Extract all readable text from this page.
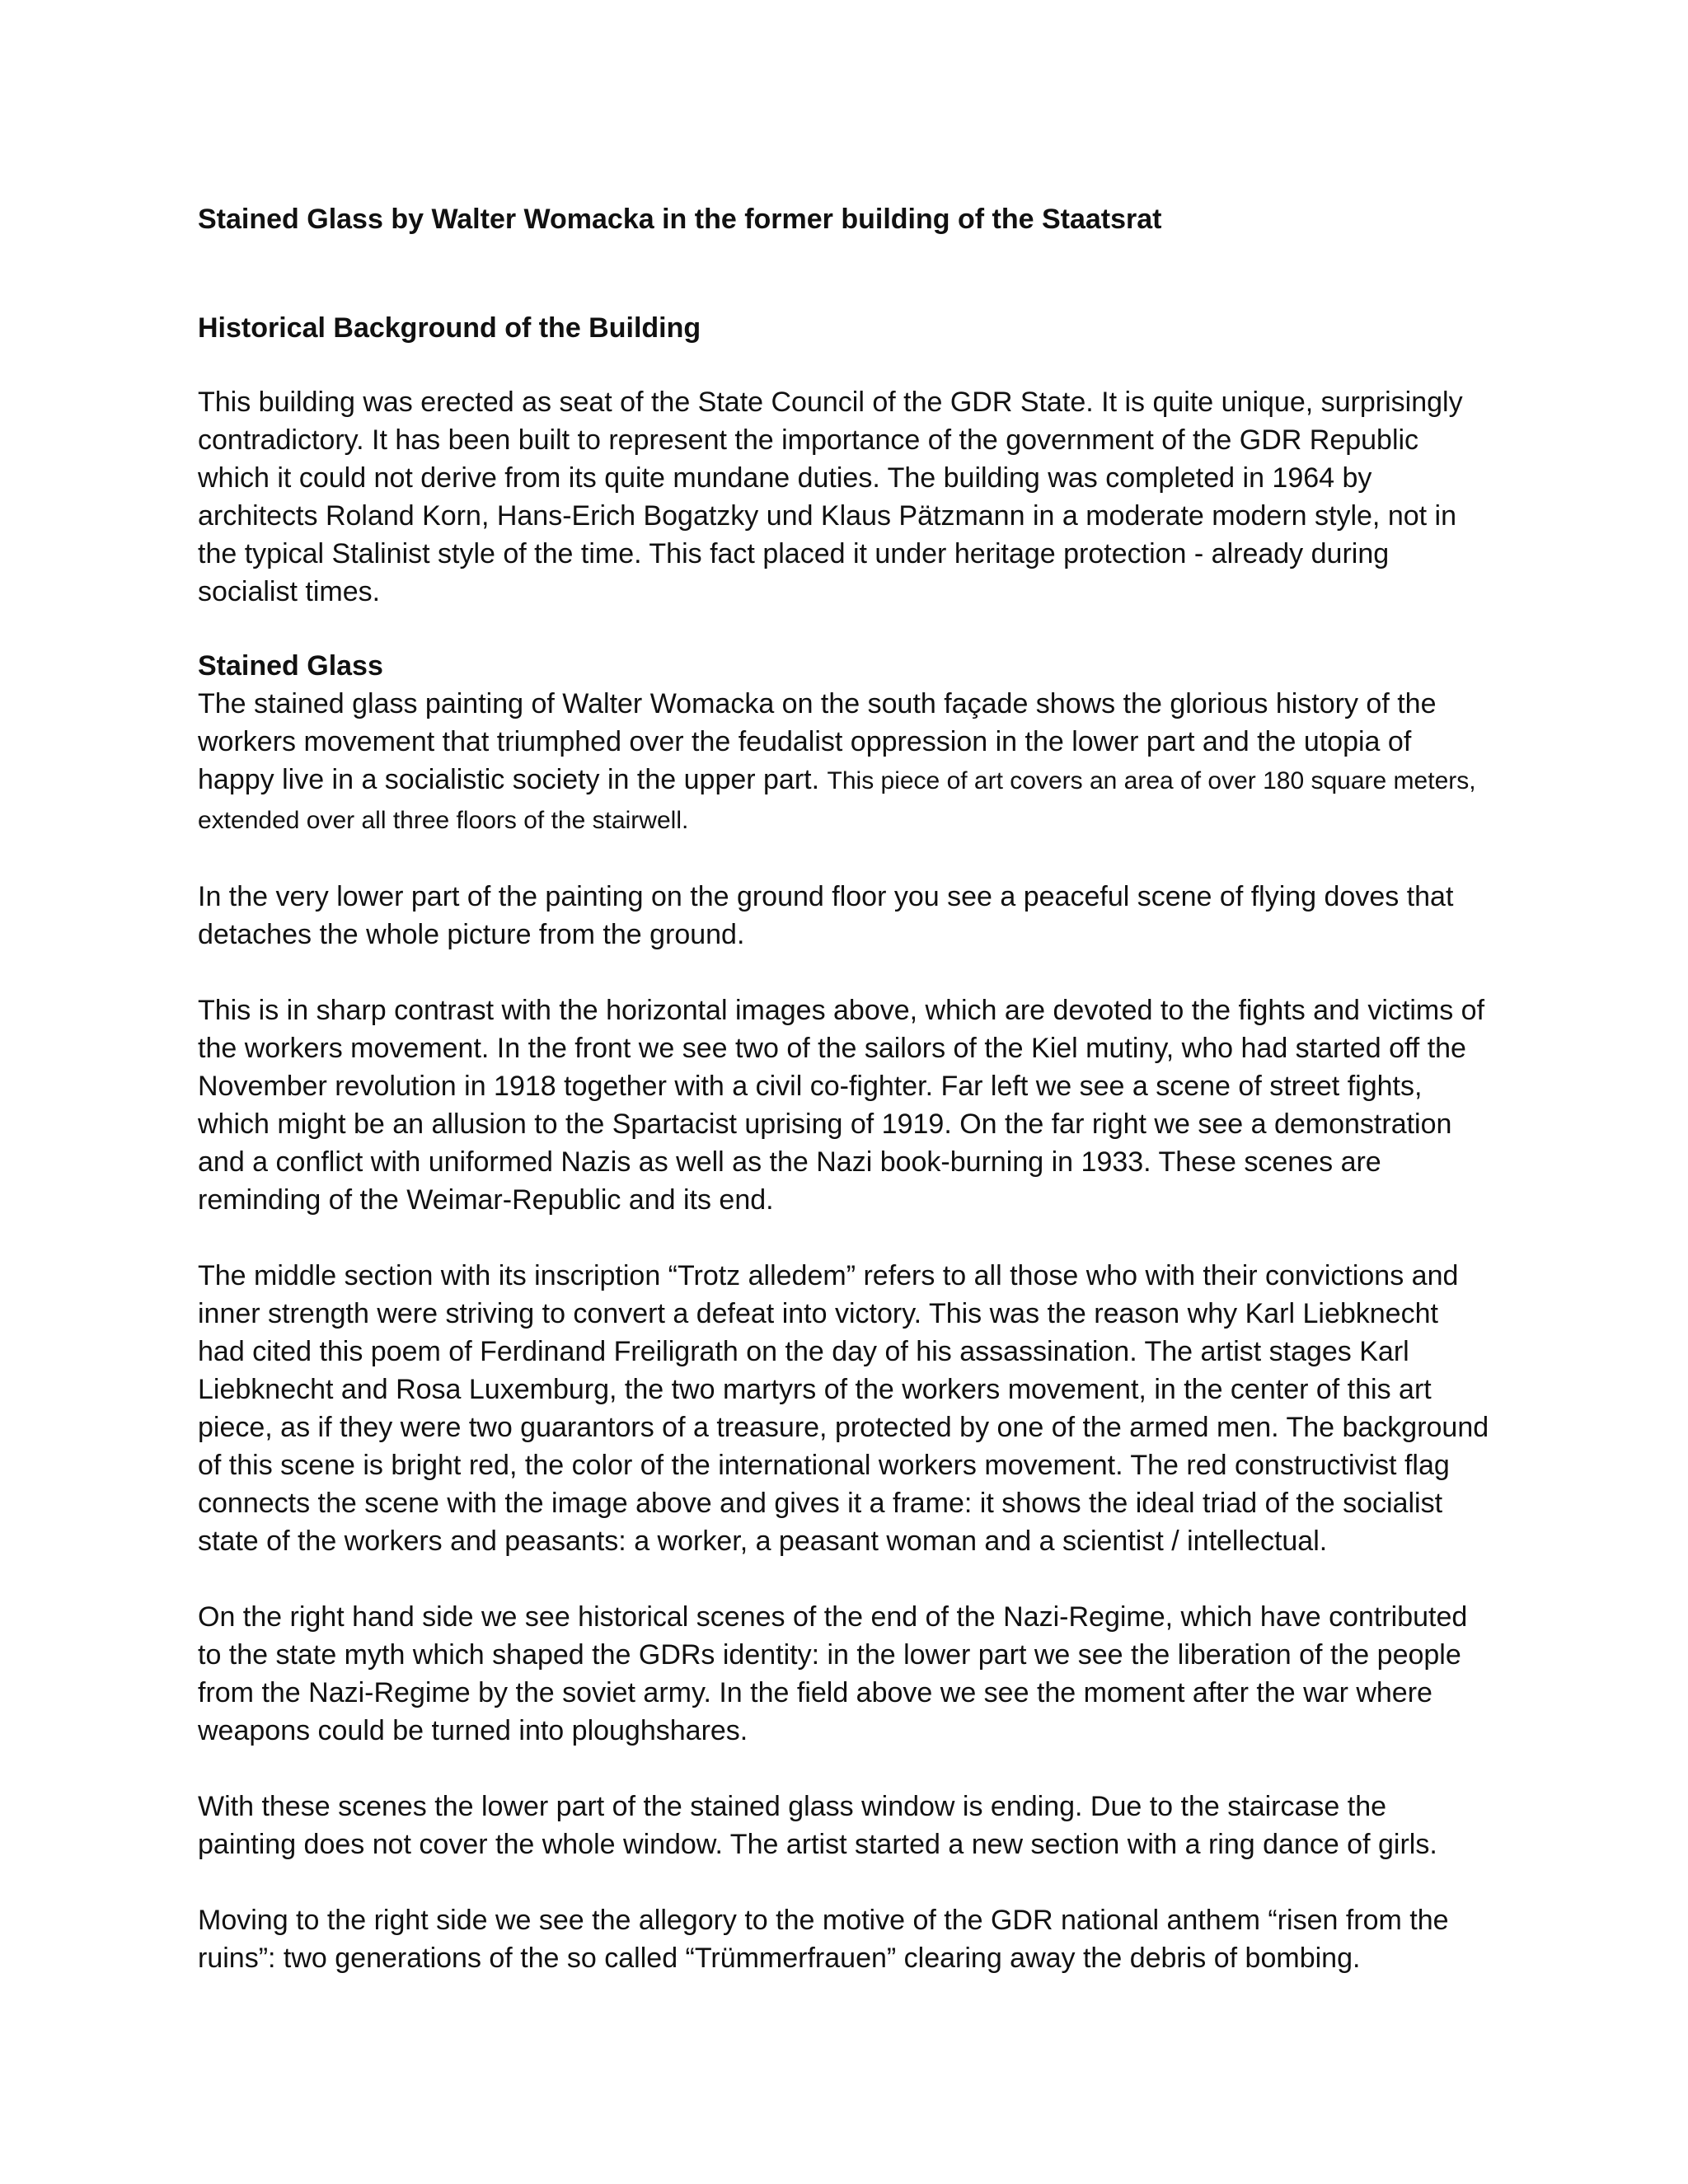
Stained Glass by Walter Womacka in the former building of the Staatsrat
Historical Background of the Building

This building was erected as seat of the State Council of the GDR State. It is quite unique, surprisingly contradictory. It has been built to represent the importance of the government of the GDR Republic which it could not derive from its quite mundane duties. The building was completed in 1964 by architects Roland Korn, Hans-Erich Bogatzky und Klaus Pätzmann in a moderate modern style, not in the typical Stalinist style of the time. This fact placed it under heritage protection - already during socialist times.

Stained Glass

The stained glass painting of Walter Womacka on the south façade shows the glorious history of the workers movement that triumphed over the feudalist oppression in the lower part and the utopia of happy live in a socialistic society in the upper part. This piece of art covers an area of over 180 square meters, extended over all three floors of the stairwell.

In the very lower part of the painting on the ground floor you see a peaceful scene of flying doves that detaches the whole picture from the ground.

This is in sharp contrast with the horizontal images above, which are devoted to the fights and victims of the workers movement. In the front we see two of the sailors of the Kiel mutiny, who had started off the November revolution in 1918 together with a civil co-fighter. Far left we see a scene of street fights, which might be an allusion to the Spartacist uprising of 1919. On the far right we see a demonstration and a conflict with uniformed Nazis as well as the Nazi book-burning in 1933. These scenes are reminding of the Weimar-Republic and its end.

The middle section with its inscription “Trotz alledem” refers to all those who with their convictions and inner strength were striving to convert a defeat into victory. This was the reason why Karl Liebknecht had cited this poem of Ferdinand Freiligrath on the day of his assassination. The artist stages Karl Liebknecht and Rosa Luxemburg, the two martyrs of the workers movement, in the center of this art piece, as if they were two guarantors of a treasure, protected by one of the armed men. The background of this scene is bright red, the color of the international workers movement. The red constructivist flag connects the scene with the image above and gives it a frame: it shows the ideal triad of the socialist state of the workers and peasants: a worker, a peasant woman and a scientist / intellectual.

On the right hand side we see historical scenes of the end of the Nazi-Regime, which have contributed to the state myth which shaped the GDRs identity: in the lower part we see the liberation of the people from the Nazi-Regime by the soviet army. In the field above we see the moment after the war where weapons could be turned into ploughshares.

With these scenes the lower part of the stained glass window is ending. Due to the staircase the painting does not cover the whole window. The artist started a new section with a ring dance of girls.

Moving to the right side we see the allegory to the motive of the GDR national anthem “risen from the ruins”: two generations of the so called “Trümmerfrauen” clearing away the debris of bombing.
